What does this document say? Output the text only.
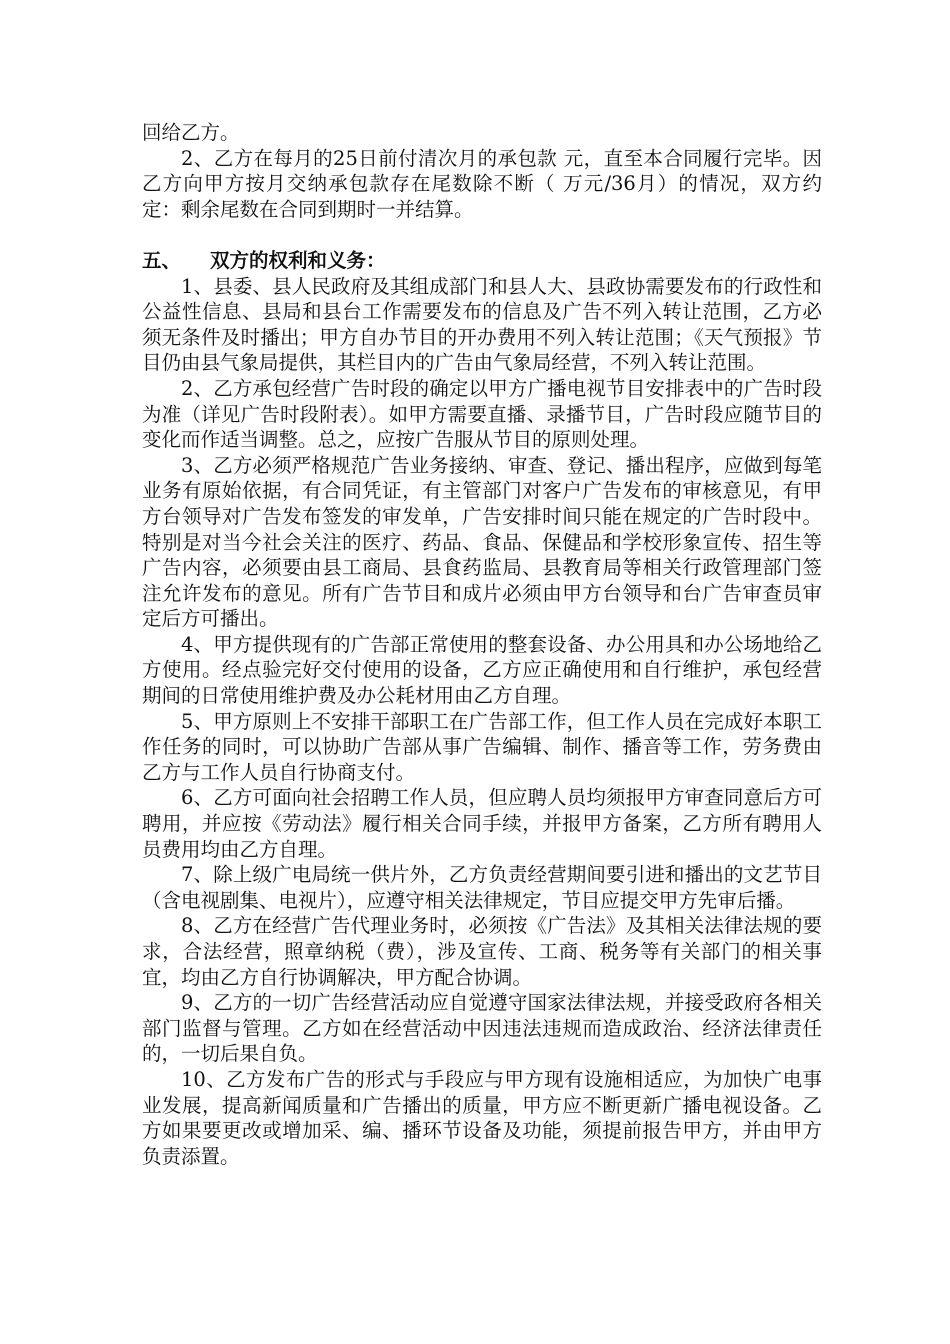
回给乙方。

2、乙方在每月的25日前付清次月的承包款 元，直至本合同履行完毕。因乙方向甲方按月交纳承包款存在尾数除不断（ 万元/36月）的情况，双方约定：剩余尾数在合同到期时一并结算。

五、	双方的权利和义务：

1、县委、县人民政府及其组成部门和县人大、县政协需要发布的行政性和公益性信息、县局和县台工作需要发布的信息及广告不列入转让范围，乙方必须无条件及时播出；甲方自办节目的开办费用不列入转让范围；《天气预报》节目仍由县气象局提供，其栏目内的广告由气象局经营，不列入转让范围。

2、乙方承包经营广告时段的确定以甲方广播电视节目安排表中的广告时段为准（详见广告时段附表）。如甲方需要直播、录播节目，广告时段应随节目的变化而作适当调整。总之，应按广告服从节目的原则处理。

3、乙方必须严格规范广告业务接纳、审查、登记、播出程序，应做到每笔业务有原始依据，有合同凭证，有主管部门对客户广告发布的审核意见，有甲方台领导对广告发布签发的审发单，广告安排时间只能在规定的广告时段中。特别是对当今社会关注的医疗、药品、食品、保健品和学校形象宣传、招生等广告内容，必须要由县工商局、县食药监局、县教育局等相关行政管理部门签注允许发布的意见。所有广告节目和成片必须由甲方台领导和台广告审查员审定后方可播出。

4、甲方提供现有的广告部正常使用的整套设备、办公用具和办公场地给乙方使用。经点验完好交付使用的设备，乙方应正确使用和自行维护，承包经营期间的日常使用维护费及办公耗材用由乙方自理。

5、甲方原则上不安排干部职工在广告部工作，但工作人员在完成好本职工作任务的同时，可以协助广告部从事广告编辑、制作、播音等工作，劳务费由乙方与工作人员自行协商支付。

6、乙方可面向社会招聘工作人员，但应聘人员均须报甲方审查同意后方可聘用，并应按《劳动法》履行相关合同手续，并报甲方备案，乙方所有聘用人员费用均由乙方自理。

7、除上级广电局统一供片外，乙方负责经营期间要引进和播出的文艺节目（含电视剧集、电视片），应遵守相关法律规定，节目应提交甲方先审后播。

8、乙方在经营广告代理业务时，必须按《广告法》及其相关法律法规的要求，合法经营，照章纳税（费），涉及宣传、工商、税务等有关部门的相关事宜，均由乙方自行协调解决，甲方配合协调。

9、乙方的一切广告经营活动应自觉遵守国家法律法规，并接受政府各相关部门监督与管理。乙方如在经营活动中因违法违规而造成政治、经济法律责任的，一切后果自负。

10、乙方发布广告的形式与手段应与甲方现有设施相适应，为加快广电事业发展，提高新闻质量和广告播出的质量，甲方应不断更新广播电视设备。乙方如果要更改或增加采、编、播环节设备及功能，须提前报告甲方，并由甲方负责添置。
